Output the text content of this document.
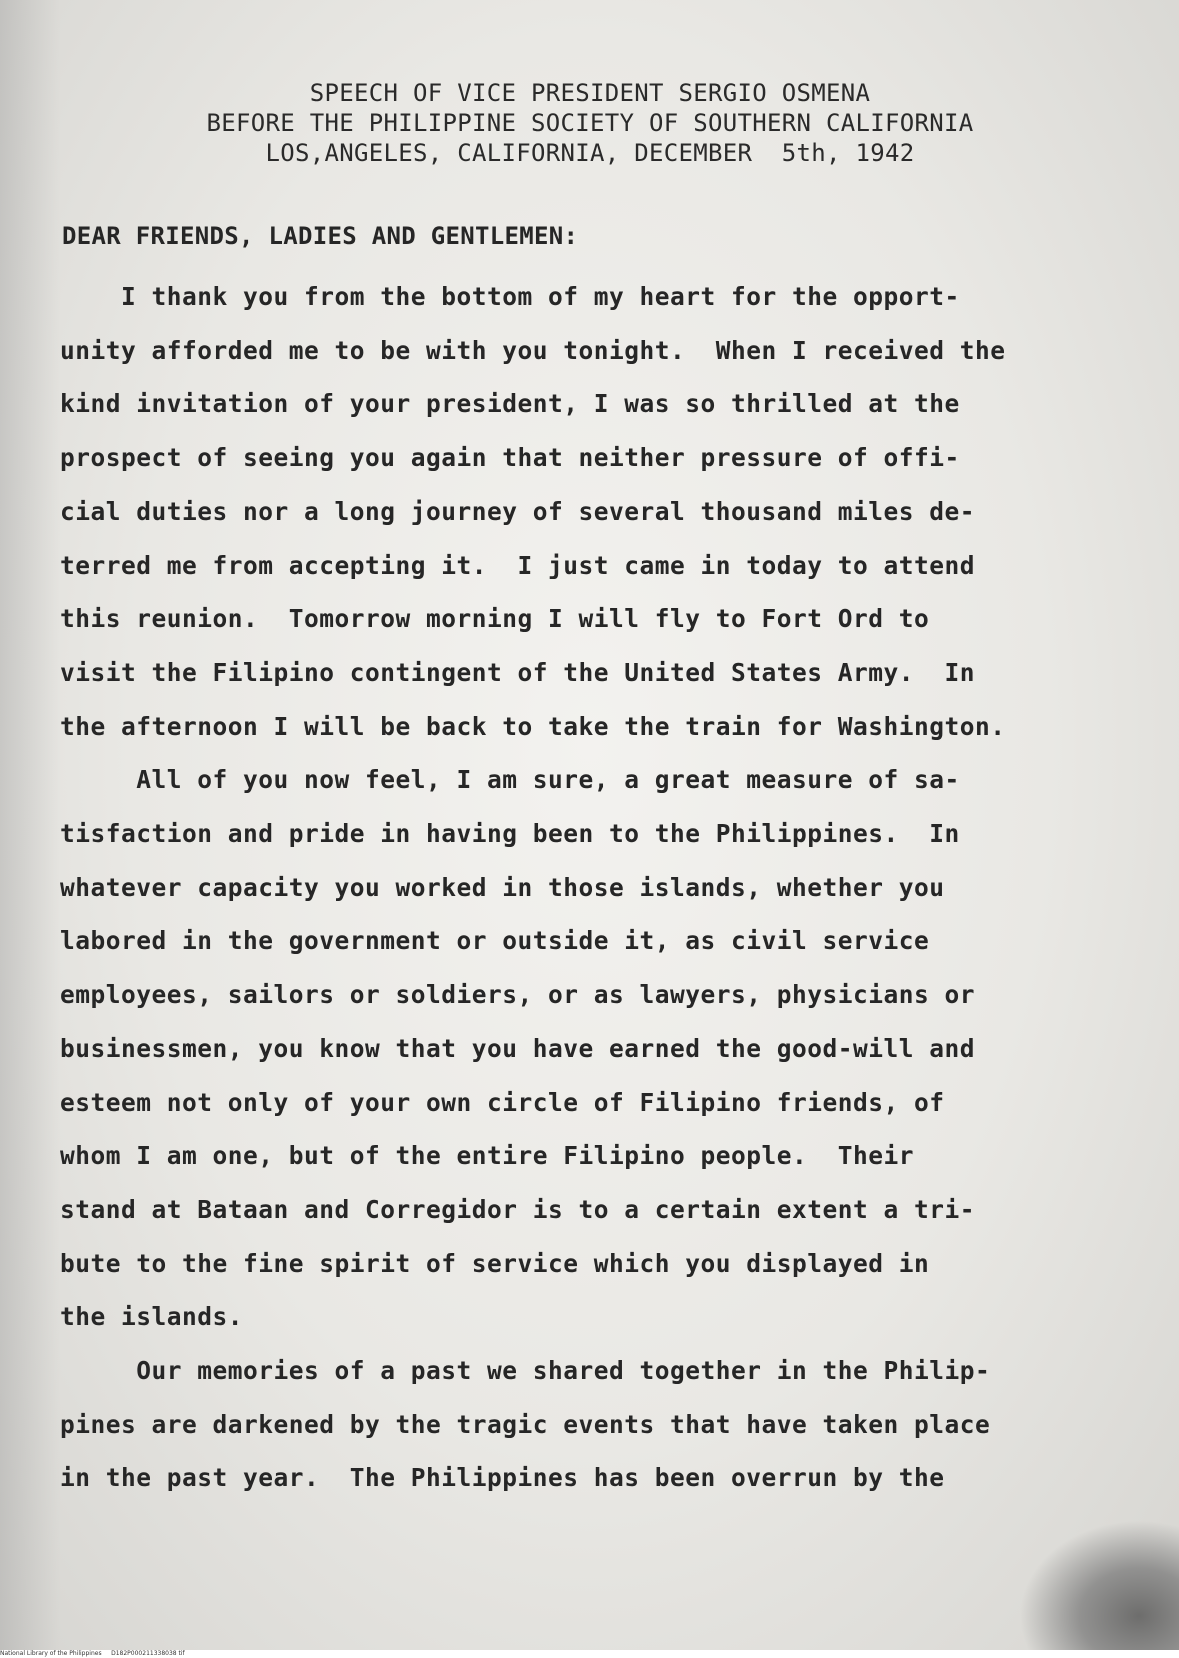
SPEECH OF VICE PRESIDENT SERGIO OSMENA
BEFORE THE PHILIPPINE SOCIETY OF SOUTHERN CALIFORNIA
LOS,ANGELES, CALIFORNIA, DECEMBER  5th, 1942
DEAR FRIENDS, LADIES AND GENTLEMEN:
I thank you from the bottom of my heart for the opport-
unity afforded me to be with you tonight.  When I received the
kind invitation of your president, I was so thrilled at the
prospect of seeing you again that neither pressure of offi-
cial duties nor a long journey of several thousand miles de-
terred me from accepting it.  I just came in today to attend
this reunion.  Tomorrow morning I will fly to Fort Ord to
visit the Filipino contingent of the United States Army.  In
the afternoon I will be back to take the train for Washington.
All of you now feel, I am sure, a great measure of sa-
tisfaction and pride in having been to the Philippines.  In
whatever capacity you worked in those islands, whether you
labored in the government or outside it, as civil service
employees, sailors or soldiers, or as lawyers, physicians or
businessmen, you know that you have earned the good-will and
esteem not only of your own circle of Filipino friends, of
whom I am one, but of the entire Filipino people.  Their
stand at Bataan and Corregidor is to a certain extent a tri-
bute to the fine spirit of service which you displayed in
the islands.
Our memories of a past we shared together in the Philip-
pines are darkened by the tragic events that have taken place
in the past year.  The Philippines has been overrun by the
National Library of the Philippines     D182P000211338038 tif
